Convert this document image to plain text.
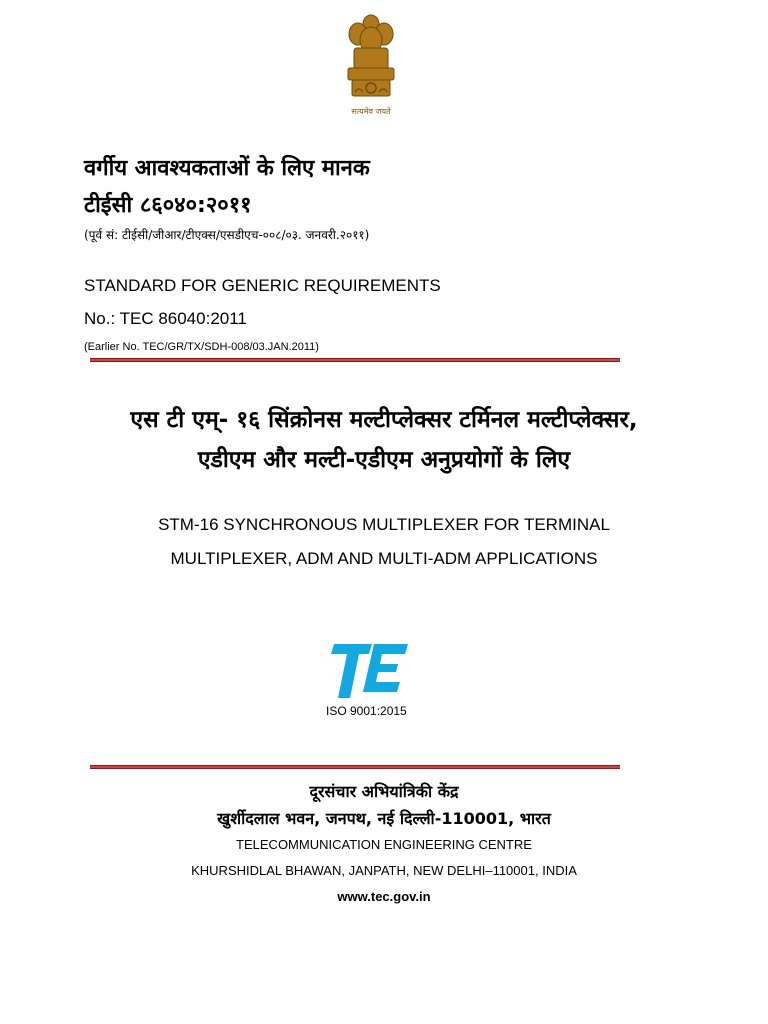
सत्यमेव जयते
वर्गीय आवश्यकताओं के लिए मानक
टीईसी ८६०४०:२०११
(पूर्व सं: टीईसी/जीआर/टीएक्स/एसडीएच-००८/०३. जनवरी.२०११)
STANDARD FOR GENERIC REQUIREMENTS
No.: TEC 86040:2011
(Earlier No. TEC/GR/TX/SDH-008/03.JAN.2011)
एस टी एम्- १६ सिंक्रोनस मल्टीप्लेक्सर टर्मिनल मल्टीप्लेक्सर,
एडीएम और मल्टी-एडीएम अनुप्रयोगों के लिए
STM-16 SYNCHRONOUS MULTIPLEXER FOR TERMINAL
MULTIPLEXER, ADM AND MULTI-ADM APPLICATIONS
ISO 9001:2015
दूरसंचार अभियांत्रिकी केंद्र
खुर्शीदलाल भवन, जनपथ, नई दिल्ली-110001, भारत
TELECOMMUNICATION ENGINEERING CENTRE
KHURSHIDLAL BHAWAN, JANPATH, NEW DELHI–110001, INDIA
www.tec.gov.in
